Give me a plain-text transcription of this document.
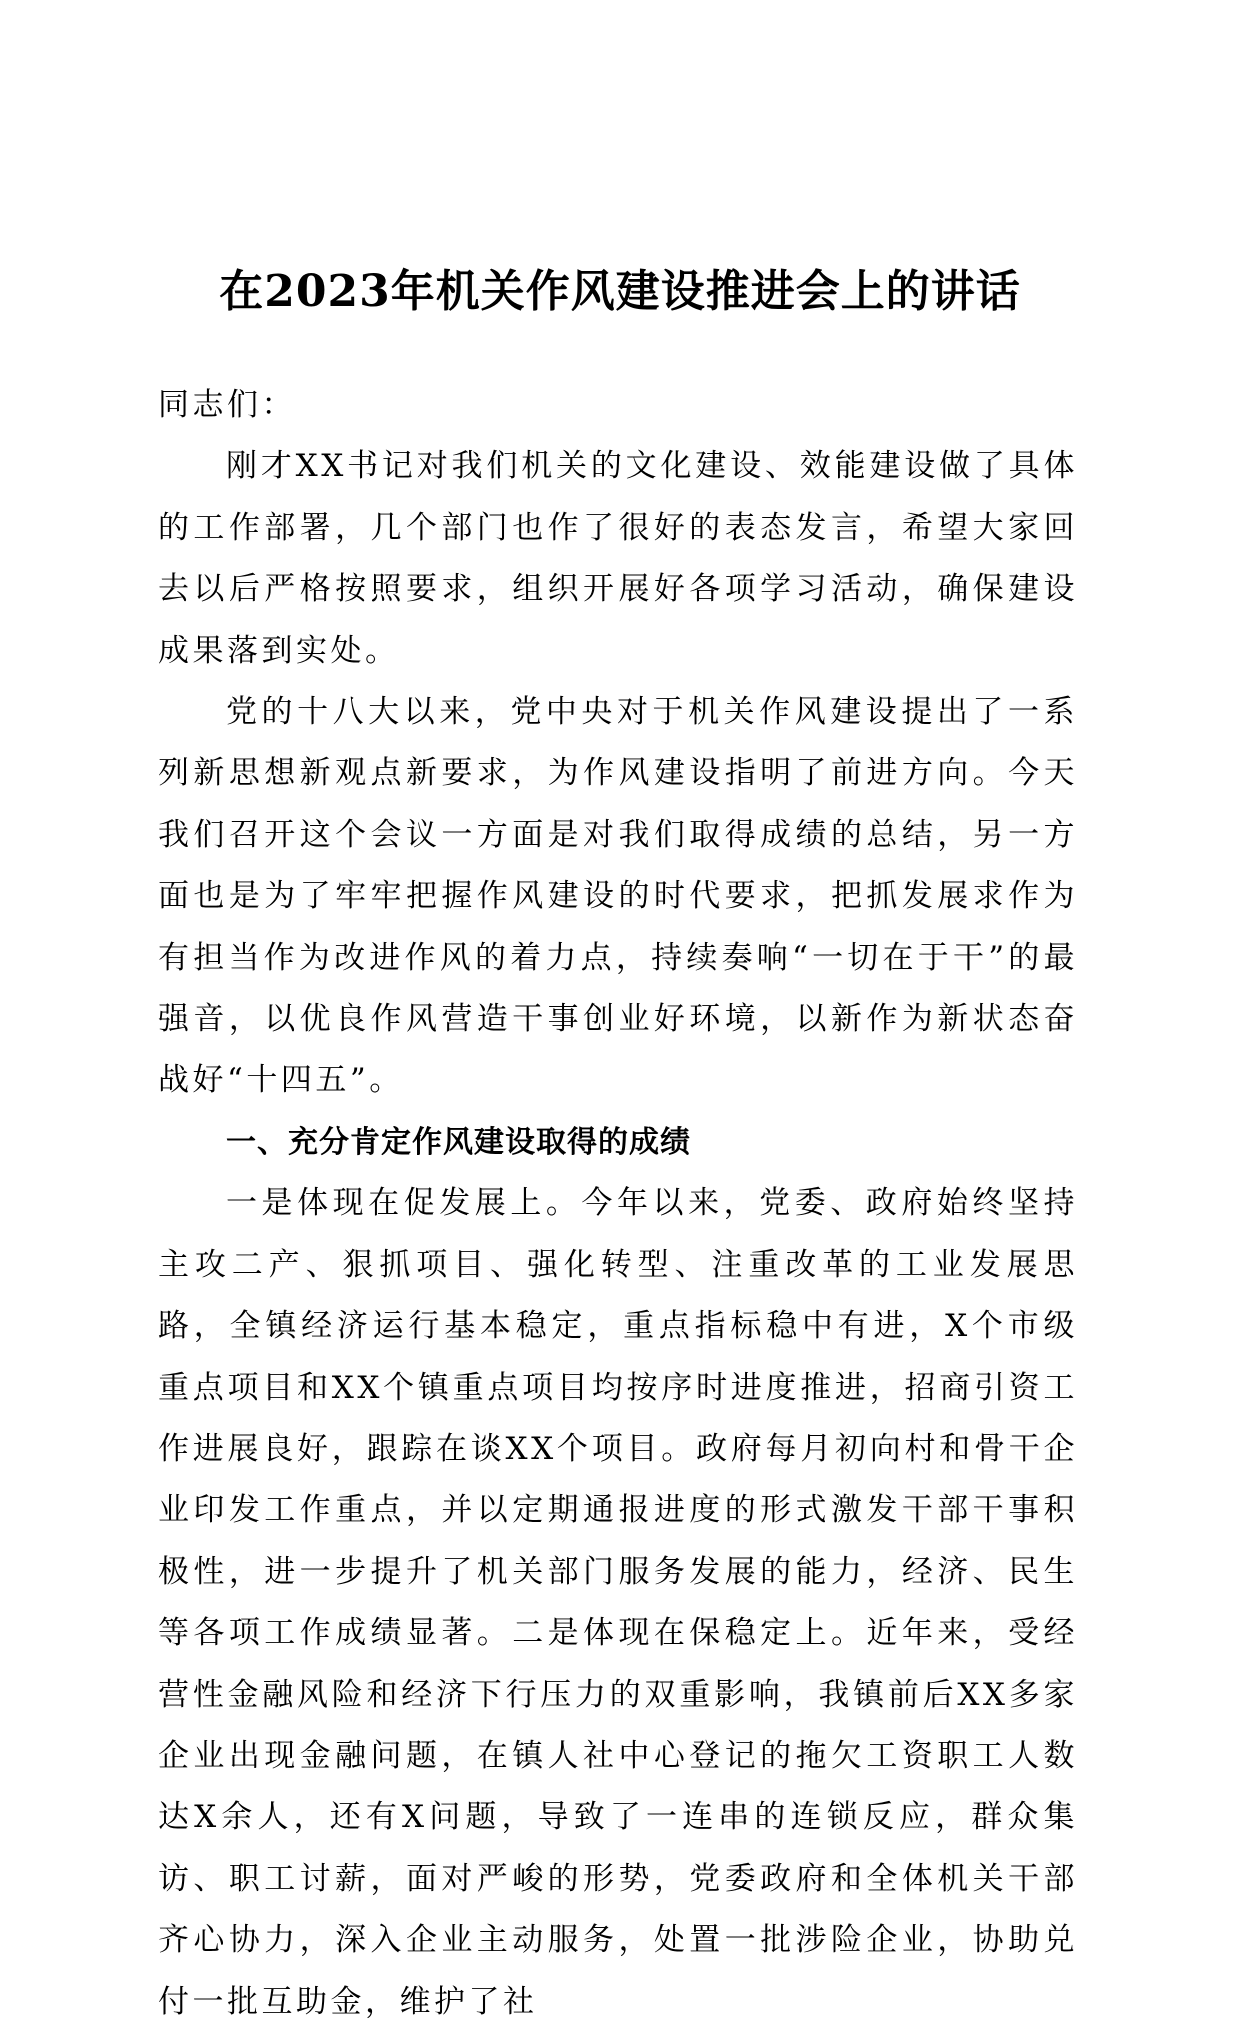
在2023年机关作风建设推进会上的讲话

同志们：

刚才XX书记对我们机关的文化建设、效能建设做了具体的工作部署，几个部门也作了很好的表态发言，希望大家回去以后严格按照要求，组织开展好各项学习活动，确保建设成果落到实处。

党的十八大以来，党中央对于机关作风建设提出了一系列新思想新观点新要求，为作风建设指明了前进方向。今天我们召开这个会议一方面是对我们取得成绩的总结，另一方面也是为了牢牢把握作风建设的时代要求，把抓发展求作为有担当作为改进作风的着力点，持续奏响“一切在于干”的最强音，以优良作风营造干事创业好环境，以新作为新状态奋战好“十四五”。

一、充分肯定作风建设取得的成绩

一是体现在促发展上。今年以来，党委、政府始终坚持主攻二产、狠抓项目、强化转型、注重改革的工业发展思路，全镇经济运行基本稳定，重点指标稳中有进，X个市级重点项目和XX个镇重点项目均按序时进度推进，招商引资工作进展良好，跟踪在谈XX个项目。政府每月初向村和骨干企业印发工作重点，并以定期通报进度的形式激发干部干事积极性，进一步提升了机关部门服务发展的能力，经济、民生等各项工作成绩显著。二是体现在保稳定上。近年来，受经营性金融风险和经济下行压力的双重影响，我镇前后XX多家企业出现金融问题，在镇人社中心登记的拖欠工资职工人数达X余人，还有X问题，导致了一连串的连锁反应，群众集访、职工讨薪，面对严峻的形势，党委政府和全体机关干部齐心协力，深入企业主动服务，处置一批涉险企业，协助兑付一批互助金，维护了社
